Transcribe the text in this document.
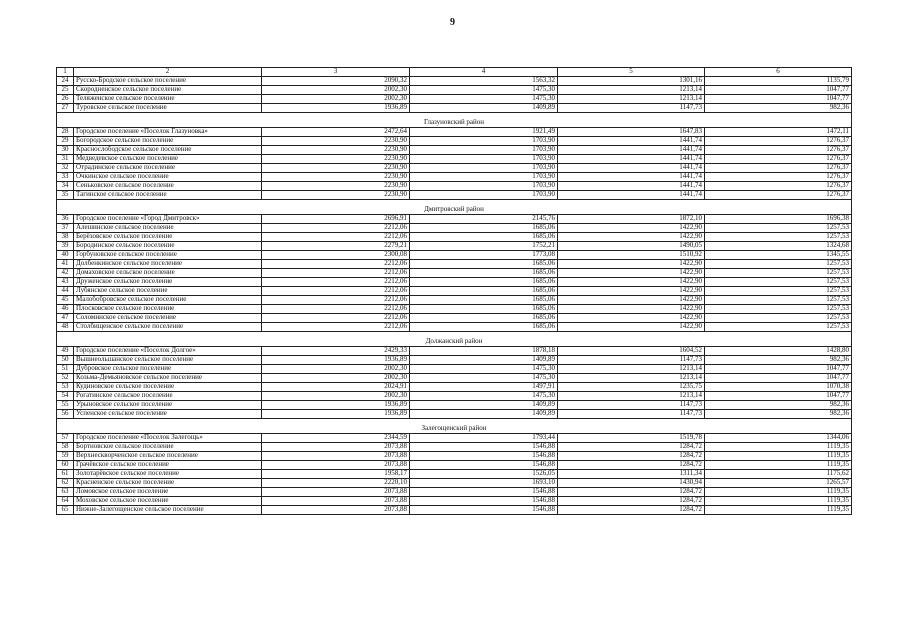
9
1	2	3	4	5	6
24	Русско-Бродское сельское поселение	2090,32	1563,32	1301,16	1135,79
25	Скородненское сельское поселение	2002,30	1475,30	1213,14	1047,77
26	Теляженское сельское поселение	2002,30	1475,30	1213,14	1047,77
27	Туровское сельское поселение	1936,89	1409,89	1147,73	982,36

Глазуновский район					
28	Городское поселение «Поселок Глазуновка»	2472,64	1921,49	1647,83	1472,11
29	Богородское сельское поселение	2230,90	1703,90	1441,74	1276,37
30	Краснослободское сельское поселение	2230,90	1703,90	1441,74	1276,37
31	Медведевское сельское поселение	2230,90	1703,90	1441,74	1276,37
32	Отрадинское сельское поселение	2230,90	1703,90	1441,74	1276,37
33	Очкинское сельское поселение	2230,90	1703,90	1441,74	1276,37
34	Сеньковское сельское поселение	2230,90	1703,90	1441,74	1276,37
35	Тагинское сельское поселение	2230,90	1703,90	1441,74	1276,37

Дмитровский район					
36	Городское поселение «Город Дмитровск»	2696,91	2145,76	1872,10	1696,38
37	Алешинское сельское поселение	2212,06	1685,06	1422,90	1257,53
38	Берёзовское сельское поселение	2212,06	1685,06	1422,90	1257,53
39	Бородинское сельское поселение	2279,21	1752,21	1490,05	1324,68
40	Горбуновское сельское поселение	2300,08	1773,08	1510,92	1345,55
41	Долбенкинское сельское поселение	2212,06	1685,06	1422,90	1257,53
42	Домаховское сельское поселение	2212,06	1685,06	1422,90	1257,53
43	Друженское сельское поселение	2212,06	1685,06	1422,90	1257,53
44	Лубянское сельское поселение	2212,06	1685,06	1422,90	1257,53
45	Малобобровское сельское поселение	2212,06	1685,06	1422,90	1257,53
46	Плосковское сельское поселение	2212,06	1685,06	1422,90	1257,53
47	Соломинское сельское поселение	2212,06	1685,06	1422,90	1257,53
48	Столбищенское сельское поселение	2212,06	1685,06	1422,90	1257,53

Должанский район					
49	Городское поселение «Поселок Долгое»	2429,33	1878,18	1604,52	1428,80
50	Вышнеольшанское сельское поселение	1936,89	1409,89	1147,73	982,36
51	Дубровское сельское поселение	2002,30	1475,30	1213,14	1047,77
52	Козьма-Демьяновское сельское поселение	2002,30	1475,30	1213,14	1047,77
53	Кудиновское сельское поселение	2024,91	1497,91	1235,75	1070,38
54	Рогатинское сельское поселение	2002,30	1475,30	1213,14	1047,77
55	Урыновское сельское поселение	1936,89	1409,89	1147,73	982,36
56	Успенское сельское поселение	1936,89	1409,89	1147,73	982,36

Залегощенский район					
57	Городское поселение «Поселок Залегощь»	2344,59	1793,44	1519,78	1344,06
58	Бортновское сельское поселение	2073,88	1546,88	1284,72	1119,35
59	Верхнескворченское сельское поселение	2073,88	1546,88	1284,72	1119,35
60	Грачёвское сельское поселение	2073,88	1546,88	1284,72	1119,35
61	Золотарёвское сельское поселение	1958,17	1526,05	1311,34	1175,62
62	Красненское сельское поселение	2220,10	1693,10	1430,94	1265,57
63	Ломовское сельское поселение	2073,88	1546,88	1284,72	1119,35
64	Моховское сельское поселение	2073,88	1546,88	1284,72	1119,35
65	Нижне-Залегощенское сельское поселение	2073,88	1546,88	1284,72	1119,35
